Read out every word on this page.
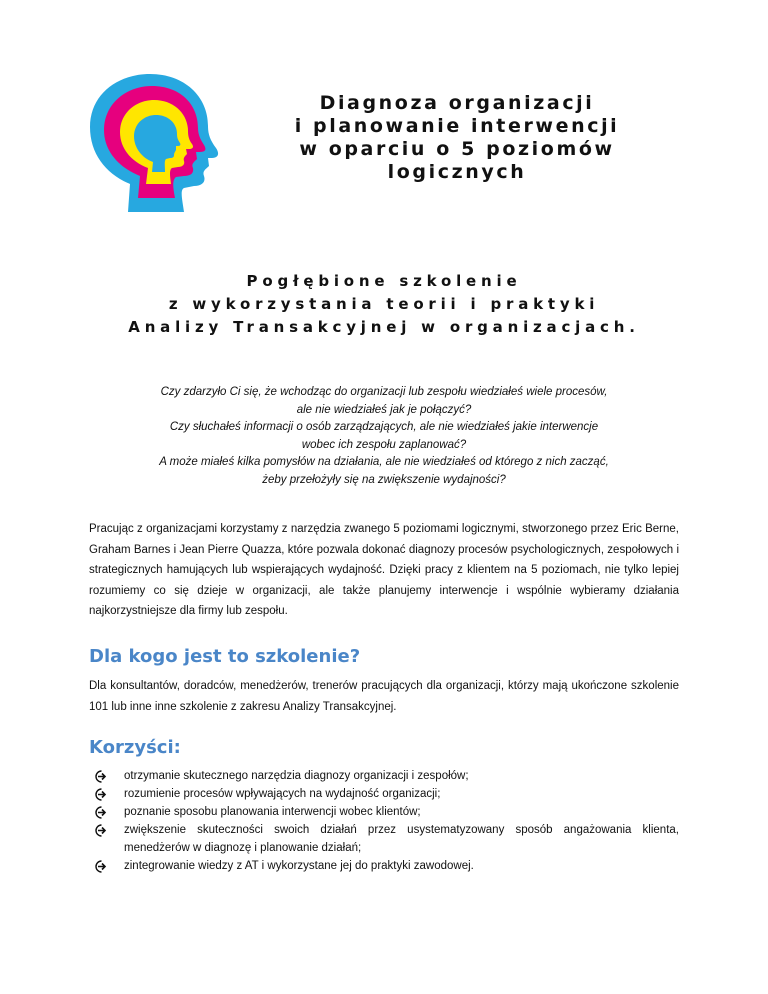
Diagnoza organizacji
i planowanie interwencji
w oparciu o 5 poziomów
logicznych
Pogłębione szkolenie
z wykorzystania teorii i praktyki
Analizy Transakcyjnej w organizacjach.
Czy zdarzyło Ci się, że wchodząc do organizacji lub zespołu wiedziałeś wiele procesów,
ale nie wiedziałeś jak je połączyć?
Czy słuchałeś informacji o osób zarządzających, ale nie wiedziałeś jakie interwencje
wobec ich zespołu zaplanować?
A może miałeś kilka pomysłów na działania, ale nie wiedziałeś od którego z nich zacząć,
żeby przełożyły się na zwiększenie wydajności?

Pracując z organizacjami korzystamy z narzędzia zwanego 5 poziomami logicznymi, stworzonego przez Eric Berne, Graham Barnes i Jean Pierre Quazza, które pozwala dokonać diagnozy procesów psychologicznych, zespołowych i strategicznych hamujących lub wspierających wydajność. Dzięki pracy z klientem na 5 poziomach, nie tylko lepiej rozumiemy co się dzieje w organizacji, ale także planujemy interwencje i wspólnie wybieramy działania najkorzystniejsze dla firmy lub zespołu.

Dla kogo jest to szkolenie?

Dla konsultantów, doradców, menedżerów, trenerów pracujących dla organizacji, którzy mają ukończone szkolenie 101 lub inne inne szkolenie z zakresu Analizy Transakcyjnej.

Korzyści:
otrzymanie skutecznego narzędzia diagnozy organizacji i zespołów;
rozumienie procesów wpływających na wydajność organizacji;
poznanie sposobu planowania interwencji wobec klientów;
zwiększenie skuteczności swoich działań przez usystematyzowany sposób angażowania klienta, menedżerów w diagnozę i planowanie działań;
zintegrowanie wiedzy z AT i wykorzystane jej do praktyki zawodowej.
